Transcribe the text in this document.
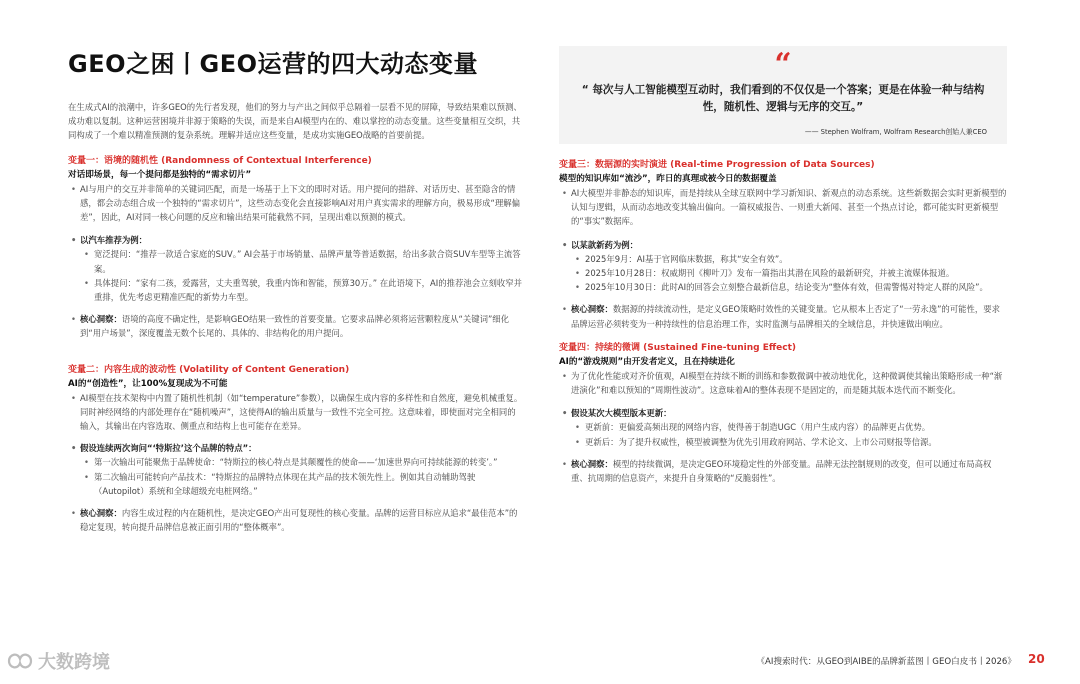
GEO之困丨GEO运营的四大动态变量

在生成式AI的浪潮中，许多GEO的先行者发现，他们的努力与产出之间似乎总隔着一层看不见的屏障，导致结果难以预测、成功难以复制。这种运营困境并非源于策略的失误，而是来自AI模型内在的、难以掌控的动态变量。这些变量相互交织，共同构成了一个难以精准预测的复杂系统。理解并适应这些变量，是成功实施GEO战略的首要前提。

变量一：语境的随机性 (Randomness of Contextual Interference)

对话即场景，每一个提问都是独特的“需求切片”

• AI与用户的交互并非简单的关键词匹配，而是一场基于上下文的即时对话。用户提问的措辞、对话历史、甚至隐含的情感，都会动态组合成一个独特的“需求切片”，这些动态变化会直接影响AI对用户真实需求的理解方向，极易形成“理解偏差”，因此，AI对同一核心问题的反应和输出结果可能截然不同，呈现出难以预测的模式。

• 以汽车推荐为例：

• 宽泛提问：“推荐一款适合家庭的SUV。” AI会基于市场销量、品牌声量等普适数据，给出多款合资SUV车型等主流答案。

• 具体提问：“家有二孩，爱露营，丈夫重驾驶，我重内饰和智能，预算30万。” 在此语境下，AI的推荐池会立刻收窄并重排，优先考虑更精准匹配的新势力车型。

• 核心洞察：语境的高度不确定性，是影响GEO结果一致性的首要变量。它要求品牌必须将运营颗粒度从“关键词”细化到“用户场景”，深度覆盖无数个长尾的、具体的、非结构化的用户提问。

变量二：内容生成的波动性 (Volatility of Content Generation)

AI的“创造性”，让100%复现成为不可能

• AI模型在技术架构中内置了随机性机制（如“temperature”参数），以确保生成内容的多样性和自然度，避免机械重复。同时神经网络的内部处理存在“随机噪声”，这使得AI的输出质量与一致性不完全可控。这意味着，即使面对完全相同的输入，其输出在内容选取、侧重点和结构上也可能存在差异。

• 假设连续两次询问“‘特斯拉’这个品牌的特点”：

• 第一次输出可能聚焦于品牌使命：“特斯拉的核心特点是其颠覆性的使命——‘加速世界向可持续能源的转变’。”

• 第二次输出可能转向产品技术：“特斯拉的品牌特点体现在其产品的技术领先性上。例如其自动辅助驾驶（Autopilot）系统和全球超级充电桩网络。”

• 核心洞察：内容生成过程的内在随机性，是决定GEO产出可复现性的核心变量。品牌的运营目标应从追求“最佳范本”的稳定复现，转向提升品牌信息被正面引用的“整体概率”。

“
“ 每次与人工智能模型互动时，我们看到的不仅仅是一个答案；更是在体验一种与结构性，随机性、逻辑与无序的交互。”
—— Stephen Wolfram, Wolfram Research创始人兼CEO

变量三：数据源的实时演进 (Real-time Progression of Data Sources)

模型的知识库如“流沙”，昨日的真理或被今日的数据覆盖

• AI大模型并非静态的知识库，而是持续从全球互联网中学习新知识、新观点的动态系统。这些新数据会实时更新模型的认知与逻辑，从而动态地改变其输出偏向。一篇权威报告、一则重大新闻、甚至一个热点讨论，都可能实时更新模型的“事实”数据库。

• 以某款新药为例：

• 2025年9月：AI基于官网临床数据，称其“安全有效”。

• 2025年10月28日：权威期刊《柳叶刀》发布一篇指出其潜在风险的最新研究，并被主流媒体报道。

• 2025年10月30日：此时AI的回答会立刻整合最新信息，结论变为“整体有效，但需警惕对特定人群的风险”。

• 核心洞察：数据源的持续流动性，是定义GEO策略时效性的关键变量。它从根本上否定了“一劳永逸”的可能性，要求品牌运营必须转变为一种持续性的信息治理工作，实时监测与品牌相关的全域信息，并快速做出响应。

变量四：持续的微调 (Sustained Fine-tuning Effect)

AI的“游戏规则”由开发者定义，且在持续进化

• 为了优化性能或对齐价值观，AI模型在持续不断的训练和参数微调中被动地优化，这种微调使其输出策略形成一种“渐进演化”和难以预知的“周期性波动”。这意味着AI的整体表现不是固定的，而是随其版本迭代而不断变化。

• 假设某次大模型版本更新：

• 更新前：更偏爱高频出现的网络内容，使得善于制造UGC（用户生成内容）的品牌更占优势。

• 更新后：为了提升权威性，模型被调整为优先引用政府网站、学术论文、上市公司财报等信源。

• 核心洞察：模型的持续微调，是决定GEO环境稳定性的外部变量。品牌无法控制规则的改变，但可以通过布局高权重、抗周期的信息资产，来提升自身策略的“反脆弱性”。

大数跨境	《AI搜索时代：从GEO到AIBE的品牌新蓝图丨GEO白皮书丨2026》 20
